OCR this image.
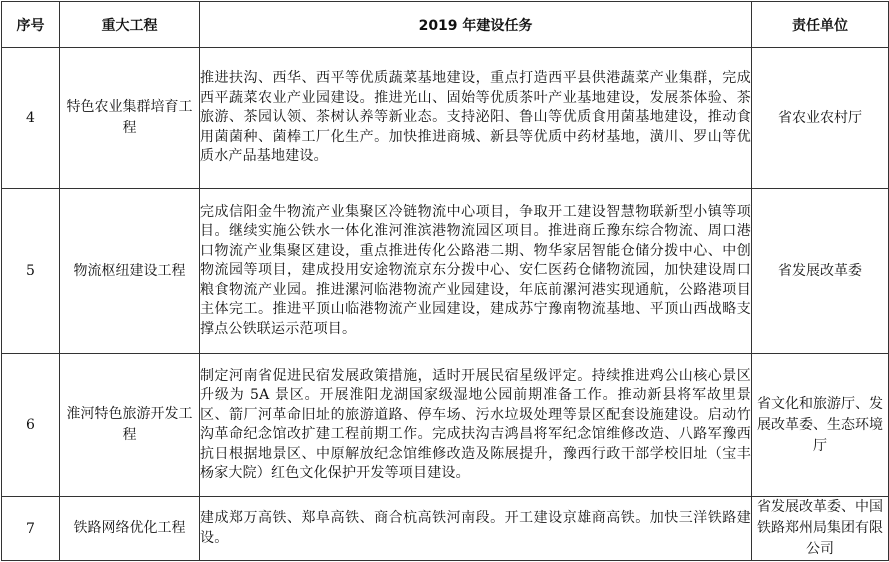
序号	重大工程	2019 年建设任务	责任单位
4	特色农业集群培育工程	推进扶沟、西华、西平等优质蔬菜基地建设，重点打造西平县供港蔬菜产业集群，完成西平蔬菜农业产业园建设。推进光山、固始等优质茶叶产业基地建设，发展茶体验、茶旅游、茶园认领、茶树认养等新业态。支持泌阳、鲁山等优质食用菌基地建设，推动食用菌菌种、菌棒工厂化生产。加快推进商城、新县等优质中药材基地，潢川、罗山等优质水产品基地建设。	省农业农村厅
5	物流枢纽建设工程	完成信阳金牛物流产业集聚区冷链物流中心项目，争取开工建设智慧物联新型小镇等项目。继续实施公铁水一体化淮河淮滨港物流园区项目。推进商丘豫东综合物流、周口港口物流产业集聚区建设，重点推进传化公路港二期、物华家居智能仓储分拨中心、中创物流园等项目，建成投用安途物流京东分拨中心、安仁医药仓储物流园，加快建设周口粮食物流产业园。推进漯河临港物流产业园建设，年底前漯河港实现通航，公路港项目主体完工。推进平顶山临港物流产业园建设，建成苏宁豫南物流基地、平顶山西战略支撑点公铁联运示范项目。	省发展改革委
6	淮河特色旅游开发工程	制定河南省促进民宿发展政策措施，适时开展民宿星级评定。持续推进鸡公山核心景区升级为 5A 景区。开展淮阳龙湖国家级湿地公园前期准备工作。推动新县将军故里景区、箭厂河革命旧址的旅游道路、停车场、污水垃圾处理等景区配套设施建设。启动竹沟革命纪念馆改扩建工程前期工作。完成扶沟吉鸿昌将军纪念馆维修改造、八路军豫西抗日根据地景区、中原解放纪念馆维修改造及陈展提升，豫西行政干部学校旧址（宝丰杨家大院）红色文化保护开发等项目建设。	省文化和旅游厅、发展改革委、生态环境厅
7	铁路网络优化工程	建成郑万高铁、郑阜高铁、商合杭高铁河南段。开工建设京雄商高铁。加快三洋铁路建设。	省发展改革委、中国铁路郑州局集团有限公司
